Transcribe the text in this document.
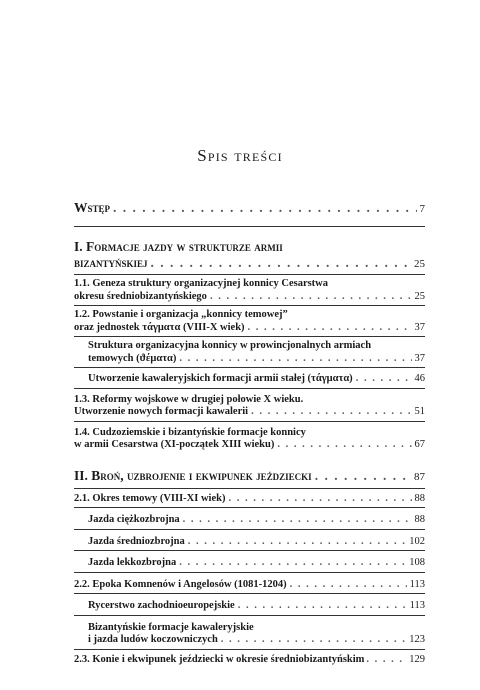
Spis treści
Wstęp . . .	7
I. Formacje jazdy w strukturze armii
bizantyńskiej . . .	25
1.1. Geneza struktury organizacyjnej konnicy Cesarstwa
okresu średniobizantyńskiego . . .	25
1.2. Powstanie i organizacja „konnicy temowej”
oraz jednostek τάγματα (VIII-X wiek) . . .	37
Struktura organizacyjna konnicy w prowincjonalnych armiach
temowych (ϑέματα) . . .	37
Utworzenie kawaleryjskich formacji armii stałej (τάγματα) . . .	46
1.3. Reformy wojskowe w drugiej połowie X wieku.
Utworzenie nowych formacji kawalerii . . .	51
1.4. Cudzoziemskie i bizantyńskie formacje konnicy
w armii Cesarstwa (XI-początek XIII wieku) . . .	67
II. Broń, uzbrojenie i ekwipunek jeździecki . . .	87
2.1. Okres temowy (VIII-XI wiek) . . .	88
Jazda ciężkozbrojna . . .	88
Jazda średniozbrojna . . .	102
Jazda lekkozbrojna . . .	108
2.2. Epoka Komnenów i Angelosów (1081-1204) . . .	113
Rycerstwo zachodnioeuropejskie . . .	113
Bizantyńskie formacje kawaleryjskie
i jazda ludów koczowniczych . . .	123
2.3. Konie i ekwipunek jeździecki w okresie średniobizantyńskim . . .	129
